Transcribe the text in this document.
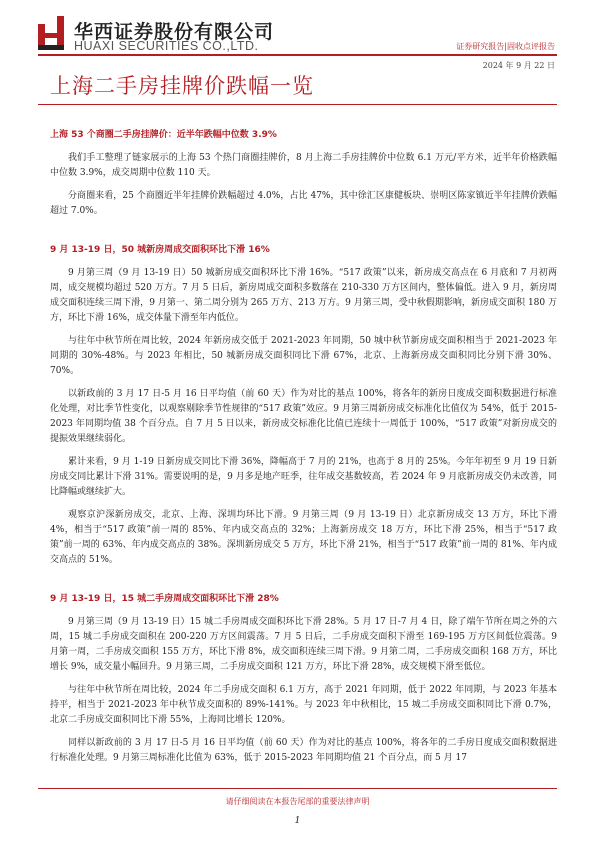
华西证券股份有限公司
HUAXI SECURITIES CO.,LTD.	证券研究报告|固收点评报告
2024 年 9 月 22 日
上海二手房挂牌价跌幅一览
上海 53 个商圈二手房挂牌价：近半年跌幅中位数 3.9%

我们手工整理了链家展示的上海 53 个热门商圈挂牌价，8 月上海二手房挂牌价中位数 6.1 万元/平方米，近半年价格跌幅中位数 3.9%，成交周期中位数 110 天。

分商圈来看，25 个商圈近半年挂牌价跌幅超过 4.0%，占比 47%，其中徐汇区康健板块、崇明区陈家镇近半年挂牌价跌幅超过 7.0%。

9 月 13-19 日，50 城新房周成交面积环比下滑 16%

9 月第三周（9 月 13-19 日）50 城新房成交面积环比下滑 16%。“517 政策”以来，新房成交高点在 6 月底和 7 月初两周，成交规模均超过 520 万方。7 月 5 日后，新房周成交面积多数落在 210-330 万方区间内，整体偏低。进入 9 月，新房周成交面积连续三周下滑，9 月第一、第二周分别为 265 万方、213 万方。9 月第三周，受中秋假期影响，新房成交面积 180 万方，环比下滑 16%，成交体量下滑至年内低位。

与往年中秋节所在周比较，2024 年新房成交低于 2021-2023 年同期，50 城中秋节新房成交面积相当于 2021-2023 年同期的 30%-48%。与 2023 年相比，50 城新房成交面积同比下滑 67%，北京、上海新房成交面积同比分别下滑 30%、70%。

以新政前的 3 月 17 日-5 月 16 日平均值（前 60 天）作为对比的基点 100%，将各年的新房日度成交面积数据进行标准化处理，对比季节性变化，以观察剔除季节性规律的“517 政策”效应。9 月第三周新房成交标准化比值仅为 54%，低于 2015-2023 年同期均值 38 个百分点。自 7 月 5 日以来，新房成交标准化比值已连续十一周低于 100%，“517 政策”对新房成交的提振效果继续弱化。

累计来看，9 月 1-19 日新房成交同比下滑 36%，降幅高于 7 月的 21%，也高于 8 月的 25%。今年年初至 9 月 19 日新房成交同比累计下滑 31%。需要说明的是，9 月多是地产旺季，往年成交基数较高，若 2024 年 9 月底新房成交仍未改善，同比降幅或继续扩大。

观察京沪深新房成交，北京、上海、深圳均环比下滑。9 月第三周（9 月 13-19 日）北京新房成交 13 万方，环比下滑 4%，相当于“517 政策”前一周的 85%、年内成交高点的 32%；上海新房成交 18 万方，环比下滑 25%，相当于“517 政策”前一周的 63%、年内成交高点的 38%。深圳新房成交 5 万方，环比下滑 21%，相当于“517 政策”前一周的 81%、年内成交高点的 51%。

9 月 13-19 日，15 城二手房周成交面积环比下滑 28%

9 月第三周（9 月 13-19 日）15 城二手房周成交面积环比下滑 28%。5 月 17 日-7 月 4 日，除了端午节所在周之外的六周，15 城二手房成交面积在 200-220 万方区间震荡。7 月 5 日后，二手房成交面积下滑至 169-195 万方区间低位震荡。9 月第一周，二手房成交面积 155 万方，环比下滑 8%，成交面积连续三周下滑。9 月第二周，二手房成交面积 168 万方，环比增长 9%，成交量小幅回升。9 月第三周，二手房成交面积 121 万方，环比下滑 28%，成交规模下滑至低位。

与往年中秋节所在周比较，2024 年二手房成交面积 6.1 万方，高于 2021 年同期，低于 2022 年同期，与 2023 年基本持平，相当于 2021-2023 年中秋节成交面积的 89%-141%。与 2023 年中秋相比，15 城二手房成交面积同比下滑 0.7%，北京二手房成交面积同比下滑 55%，上海同比增长 120%。

同样以新政前的 3 月 17 日-5 月 16 日平均值（前 60 天）作为对比的基点 100%，将各年的二手房日度成交面积数据进行标准化处理。9 月第三周标准化比值为 63%，低于 2015-2023 年同期均值 21 个百分点，而 5 月 17

请仔细阅读在本报告尾部的重要法律声明
1
